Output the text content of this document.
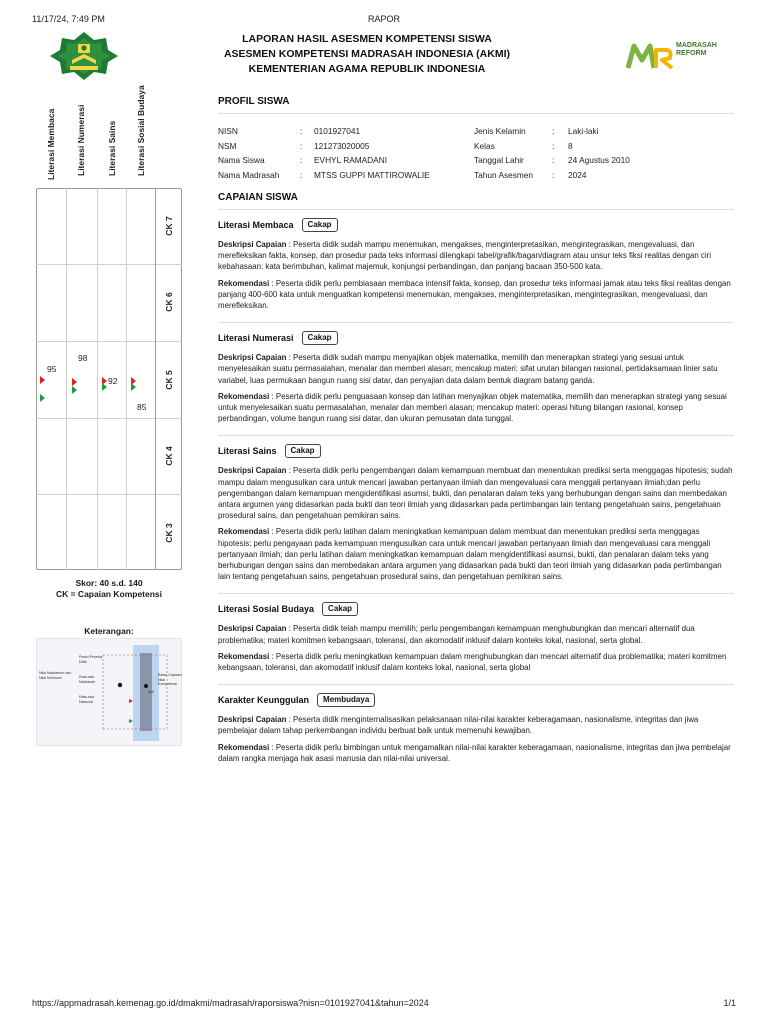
11/17/24, 7:49 PM	RAPOR
LAPORAN HASIL ASESMEN KOMPETENSI SISWA
ASESMEN KOMPETENSI MADRASAH INDONESIA (AKMI)
KEMENTERIAN AGAMA REPUBLIK INDONESIA
MADRASAH
REFORM
Literasi Membaca Literasi Numerasi Literasi Sains Literasi Sosial Budaya
CK 7
CK 6
CK 5
CK 4
CK 3
95
98
92
85
Skor: 40 s.d. 140
CK = Capaian Kompetensi
Keterangan:
Nilai Maksimum dan Nilai Minimum
Posisi Peserta Didik
Rata-rata Madrasah
Rata-rata Nasional
Batas Capaian Nilai Kompetensi
110
PROFIL SISWA
NISN	:	0101927041	Jenis Kelamin	:	Laki-laki
NSM	:	121273020005	Kelas	:	8
Nama Siswa	:	EVHYL RAMADANI	Tanggal Lahir	:	24 Agustus 2010
Nama Madrasah	:	MTSS GUPPI MATTIROWALIE	Tahun Asesmen	:	2024
CAPAIAN SISWA
Literasi Membaca	Cakap
Deskripsi Capaian : Peserta didik sudah mampu menemukan, mengakses, menginterpretasikan, mengintegrasikan, mengevaluasi, dan merefleksikan fakta, konsep, dan prosedur pada teks informasi dilengkapi tabel/grafik/bagan/diagram atau unsur teks fiksi realitas dengan ciri kebahasaan: kata berimbuhan, kalimat majemuk, konjungsi perbandingan, dan panjang bacaan 350-500 kata.
Rekomendasi : Peserta didik perlu pembiasaan membaca intensif fakta, konsep, dan prosedur teks informasi jamak atau teks fiksi realitas dengan panjang 400-600 kata untuk menguatkan kompetensi menemukan, mengakses, menginterpretasikan, mengintegrasikan, mengevaluasi, dan merefleksikan.
Literasi Numerasi	Cakap
Deskripsi Capaian : Peserta didik sudah mampu menyajikan objek matematika, memilih dan menerapkan strategi yang sesuai untuk menyelesaikan suatu permasalahan, menalar dan memberi alasan; mencakup materi: sifat urutan bilangan rasional, pertidaksamaan linier satu variabel, luas permukaan bangun ruang sisi datar, dan penyajian data dalam bentuk diagram batang ganda.
Rekomendasi : Peserta didik perlu penguasaan konsep dan latihan menyajikan objek matematika, memilih dan menerapkan strategi yang sesuai untuk menyelesaikan suatu permasalahan, menalar dan memberi alasan; mencakup materi: operasi hitung bilangan rasional, konsep perbandingan, volume bangun ruang sisi datar, dan ukuran pemusatan data tunggal.
Literasi Sains	Cakap
Deskripsi Capaian : Peserta didik perlu pengembangan dalam kemampuan membuat dan menentukan prediksi serta menggagas hipotesis; sudah mampu dalam mengusulkan cara untuk mencari jawaban pertanyaan ilmiah dan mengevaluasi cara menggali pertanyaan ilmiah;dan perlu pengembangan dalam kemampuan mengidentifikasi asumsi, bukti, dan penalaran dalam teks yang berhubungan dengan sains dan membedakan antara argumen yang didasarkan pada bukti dan teori ilmiah yang didasarkan pada pertimbangan lain tentang pengetahuan sains, pengetahuan prosedural sains, dan pengetahuan pemikiran sains.
Rekomendasi : Peserta didik perlu latihan dalam meningkatkan kemampuan dalam membuat dan menentukan prediksi serta menggagas hipotesis; perlu pengayaan pada kemampuan mengusulkan cara untuk mencari jawaban pertanyaan ilmiah dan mengevaluasi cara menggali pertanyaan ilmiah; dan perlu latihan dalam meningkatkan kemampuan dalam mengidentifikasi asumsi, bukti, dan penalaran dalam teks yang berhubungan dengan sains dan membedakan antara argumen yang didasarkan pada bukti dan teori ilmiah yang didasarkan pada pertimbangan lain tentang pengetahuan sains, pengetahuan prosedural sains, dan pengetahuan pemikiran sains.
Literasi Sosial Budaya	Cakap
Deskripsi Capaian : Peserta didik telah mampu memilih; perlu pengembangan kemampuan menghubungkan dan mencari alternatif dua problematika; materi komitmen kebangsaan, toleransi, dan akomodatif inklusif dalam konteks lokal, nasional, serta global.
Rekomendasi : Peserta didik perlu meningkatkan kemampuan dalam menghubungkan dan mencari alternatif dua problematika; materi komitmen kebangsaan, toleransi, dan akomodatif inklusif dalam konteks lokal, nasional, serta global
Karakter Keunggulan	Membudaya
Deskripsi Capaian : Peserta didik menginternalisasikan pelaksanaan nilai-nilai karakter keberagamaan, nasionalisme, integritas dan jiwa pembelajar dalam tahap perkembangan individu berbuat baik untuk memenuhi kewajiban.
Rekomendasi : Peserta didik perlu bimbingan untuk mengamalkan nilai-nilai karakter keberagamaan, nasionalisme, integritas dan jiwa pembelajar dalam rangka menjaga hak asasi manusia dan nilai-nilai universal.
https://appmadrasah.kemenag.go.id/dmakmi/madrasah/raporsiswa?nisn=0101927041&tahun=2024	1/1
